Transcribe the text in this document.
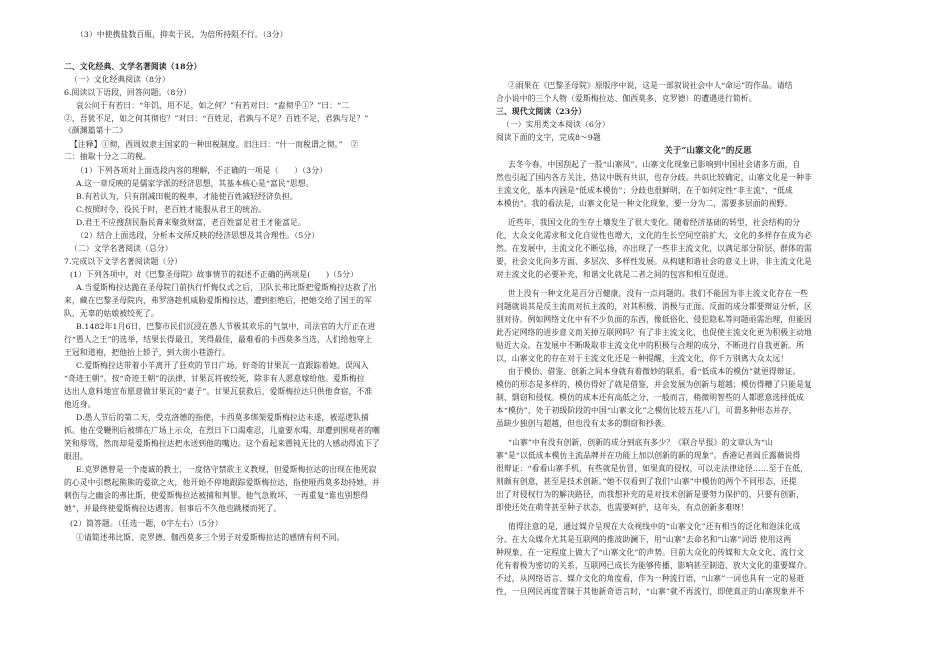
（3）中使携盐数百瓶，抑卖于民，为倍所持阻不行。（3分）
二、文化经典、文学名著阅读（18分）
（一）文化经典阅读（8分）
6.阅读以下语段，回答问题。（8分）
哀公问于有若曰：“年饥，用不足，如之何？”有若对曰：“盍彻乎①？”曰：“二
②，吾犹不足，如之何其彻也？”对曰：“百姓足，君孰与不足？百姓不足，君孰与足？”
《颜渊篇第十二》
【注释】①彻，西周奴隶主国家的一种田税制度。旧注曰：“什一而税谓之彻。”　②
二：抽取十分之二的税。
（1）下列各项对上面选段内容的理解，不正确的一项是（　　）（3分）
A.这一章反映的是儒家学派的经济思想，其基本核心是“富民”思想。
B.有若认为，只有削减田税的税率，才能使百姓减轻经济负担。
C.按照时令，役民于时，老百姓才能服从君王的统治。
D.君王不应搜刮民脂民膏来聚敛财富，老百姓富足君王才能富足。
（2）结合上面选段，分析本文所反映的经济思想及其合理性。（5分）
（二）文学名著阅读（总分）
7.完成以下文学名著阅读题（分）
(1）下列各项中，对《巴黎圣母院》故事情节的叙述不正确的两项是(　　)（5分）
A.当爱斯梅拉达跪在圣母院门前执行忏悔仪式之后，卫队长弗比斯把爱斯梅拉达救了出
来，藏在巴黎圣母院内，弗罗洛趁机威胁爱斯梅拉达，遭到拒绝后，把她交给了国王的军
队，无辜的姑娘被绞死了。
B.1482年1月6日，巴黎市民们沉浸在愚人节极其欢乐的气氛中，司法官的大厅正在进
行“愚人之王”的选举，结果长得最丑，笑得最佳，最难看的卡西莫多当选，人们给他穿上
王冠和道袍，把他抬上轿子，到大街小巷游行。
C.爱斯梅拉达带着小羊离开了狂欢的节日广场。好奇的甘果瓦一直跟踪着她。误闯入
“奇迹王朝”。按“奇迹王朝”的法律，甘果瓦将被绞死，除非有人愿意嫁给他。爱斯梅拉
达出人意料地宣布愿意做甘果瓦的“妻子”。甘果瓦获救后，爱斯梅拉达只供他食宿，不准
他近身。
D.愚人节后的第二天，受克洛德的指使，卡西莫多绑架爱斯梅拉达未遂，被巡逻队捕
抓。他在受鞭刑后被绑在广场上示众，在烈日下口渴难忍，儿童要水喝，却遭到围观者的嘲
笑和辱骂，然而却是爱斯梅拉达把水送到他的嘴边。这个看起来愚钝无比的人感动得流下了
眼泪。
E.克罗德曾是一个虔诚的教士，一度恪守禁欲主义教规，但爱斯梅拉达的出现在他死寂
的心灵中引燃起熊熊的爱欲之火，他开始不停地跟踪爱斯梅拉达，指使哑西莫多劫持她，并
刺伤与之幽会的弗比斯，使爱斯梅拉达被捕和判罪。他气急败坏，一再重复“谁也别想得
她”，并最终使爱斯梅拉达遇害。但事后不久他也跳楼而死了。
(2）简答题。（任选一题，0字左右）（5分）
①请简述弗比斯、克罗德、伽西莫多三个男子对爱斯梅拉达的感情有何不同。
②雨果在《巴黎圣母院》原版序中说，这是一部叙说社会中人“命运”的作品。请结
合小说中的三个人物（爱斯梅拉达、伽西莫多、克罗德）的遭遇进行简析。
三、现代文阅读（23分）
（一）实用类文本阅读（6分）
阅读下面的文字，完成8～9题
关于“山寨文化”的反思
去冬今春，中国刮起了一股“山寨风”。山寨文化现象已影响到中国社会诸多方面，自
然也引起了国内各方关注，热议中既有共识，也存分歧。共识比较确定，山寨文化是一种非
主流文化，基本内涵是“低成本模仿”；分歧也很鲜明，在于如何定性“非主流”、“低成
本模仿”。我的看法是，山寨文化是一种文化现象，要一分为二，需要多层面的视野。
近些年，我国文化的生存土壤发生了很大变化。随着经济基础的转型，社会结构的分
化，大众文化需求和文化自觉性也增大，文化的生长空间空前扩大，文化的多样存在成为必
然。在发展中，主流文化不断弘扬，亦出现了一些非主流文化，以满足部分阶层、群体的需
要，社会文化向多方面、多层次、多样性发展。从构建和谐社会的意义上讲，非主流文化是
对主流文化的必要补充，和谐文化就是二者之间的包容和相互促进。
世上没有一种文化是百分百健康，没有一点问题的。我们不能因为非主流文化存在一些
问题就说其是反主流而对抗主流的，对其积极、消极与正面、反面的成分都要辩证分析，区
别对待。例如网络文化中有不少负面的东西，像低俗化、侵犯隐私等问题亟需治理，但能因
此否定网络的进步意义而关掉互联网吗？有了非主流文化，也促使主流文化更为积极主动地
贴近大众。在发展中不断吸取非主流文化中的积极与合理的成分，不断进行自我更新。所
以，山寨文化的存在对于主流文化还是一种提醒，主流文化，你千万别离大众太远！
由于模仿、借鉴、创新之间本身就有着微妙的联系，看“低成本的模仿”就更得辩证。
模仿的形态是多样的，模仿得好了就是借鉴，并会发展为创新与超越；模仿得糟了只能是复
制、剽窃和侵权。模仿的成本还有高低之分，一般而言，稍微明智些的人都愿意选择低成
本“模仿”，处于初级阶段的中国“山寨文化”之模仿比较五花八门，可谓多种形态并存，
虽缺少独创与超越，但也没有太多的剽窃和抄袭。
“山寨”中有没有创新，创新的成分到底有多少？《联合早报》的文章认为“山
寨”是“以低成本模仿主流品牌并在功能上加以创新的新的现象”。香港记者阎丘露薇说得
很辩证：“看看山寨手机，有些就是仿冒，如果真的侵权，可以走法律途径……至于在低，
则颇有创意，甚至是技术创新。”她不仅看到了我们“山寨”中模仿的两个不同形态，还提
出了对侵权行为的解决路径，而我想补充的是对技术创新是要努力保护的，只要有创新，
即使还处在萌芽甚至种子状态，也需要呵护，这年头，有点创新多难呀！
值得注意的是，通过媒介呈现在大众视线中的“山寨文化”还有相当的泛化和泡沫化成
分。在大众媒介尤其是互联网的推波助澜下，用“山寨”去命名和“山寨”词语 使用这两
种现象，在一定程度上做大了“山寨文化”的声势。目前大众化的传媒和大众文化、流行文
化有着极为密切的关系，互联网已成长为能够传播、影响甚至制造、放大文化的重要媒介。
不过，从网络语言、媒介文化的角度看，作为一种流行语，“山寨”一词也具有一定的易逝
性，一旦网民再度青睐于其他新奇语言时，“山寨”就不再流行，即使真正的山寨现象并不
